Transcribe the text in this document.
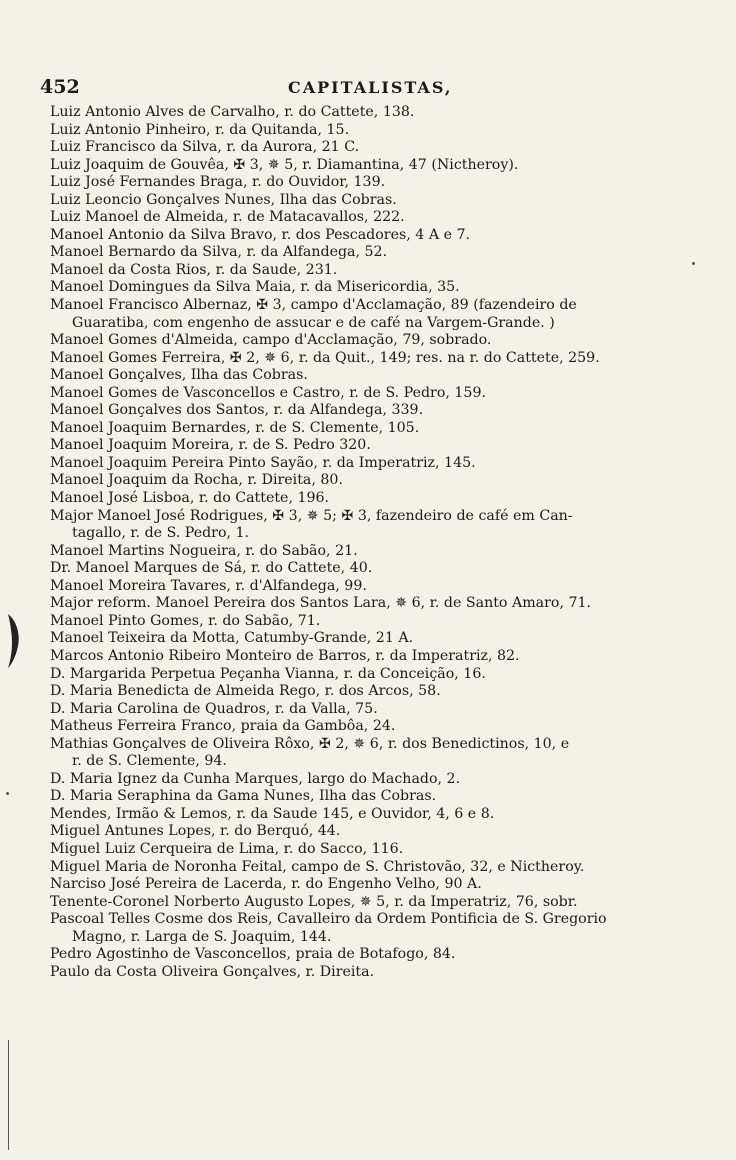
452	CAPITALISTAS,
Luiz Antonio Alves de Carvalho, r. do Cattete, 138.
Luiz Antonio Pinheiro, r. da Quitanda, 15.
Luiz Francisco da Silva, r. da Aurora, 21 C.
Luiz Joaquim de Gouvêa, ✠ 3, ✵ 5, r. Diamantina, 47 (Nictheroy).
Luiz José Fernandes Braga, r. do Ouvidor, 139.
Luiz Leoncio Gonçalves Nunes, Ilha das Cobras.
Luiz Manoel de Almeida, r. de Matacavallos, 222.
Manoel Antonio da Silva Bravo, r. dos Pescadores, 4 A e 7.
Manoel Bernardo da Silva, r. da Alfandega, 52.
Manoel da Costa Rios, r. da Saude, 231.
Manoel Domingues da Silva Maia, r. da Misericordia, 35.
Manoel Francisco Albernaz, ✠ 3, campo d'Acclamação, 89 (fazendeiro de
Guaratiba, com engenho de assucar e de café na Vargem-Grande. )
Manoel Gomes d'Almeida, campo d'Acclamação, 79, sobrado.
Manoel Gomes Ferreira, ✠ 2, ✵ 6, r. da Quit., 149; res. na r. do Cattete, 259.
Manoel Gonçalves, Ilha das Cobras.
Manoel Gomes de Vasconcellos e Castro, r. de S. Pedro, 159.
Manoel Gonçalves dos Santos, r. da Alfandega, 339.
Manoel Joaquim Bernardes, r. de S. Clemente, 105.
Manoel Joaquim Moreira, r. de S. Pedro 320.
Manoel Joaquim Pereira Pinto Sayão, r. da Imperatriz, 145.
Manoel Joaquim da Rocha, r. Direita, 80.
Manoel José Lisboa, r. do Cattete, 196.
Major Manoel José Rodrigues, ✠ 3, ✵ 5; ✠ 3, fazendeiro de café em Can-
tagallo, r. de S. Pedro, 1.
Manoel Martins Nogueira, r. do Sabão, 21.
Dr. Manoel Marques de Sá, r. do Cattete, 40.
Manoel Moreira Tavares, r. d'Alfandega, 99.
Major reform. Manoel Pereira dos Santos Lara, ✵ 6, r. de Santo Amaro, 71.
Manoel Pinto Gomes, r. do Sabão, 71.
Manoel Teixeira da Motta, Catumby-Grande, 21 A.
Marcos Antonio Ribeiro Monteiro de Barros, r. da Imperatriz, 82.
D. Margarida Perpetua Peçanha Vianna, r. da Conceição, 16.
D. Maria Benedicta de Almeida Rego, r. dos Arcos, 58.
D. Maria Carolina de Quadros, r. da Valla, 75.
Matheus Ferreira Franco, praia da Gambôa, 24.
Mathias Gonçalves de Oliveira Rôxo, ✠ 2, ✵ 6, r. dos Benedictinos, 10, e
r. de S. Clemente, 94.
D. Maria Ignez da Cunha Marques, largo do Machado, 2.
D. Maria Seraphina da Gama Nunes, Ilha das Cobras.
Mendes, Irmão & Lemos, r. da Saude 145, e Ouvidor, 4, 6 e 8.
Miguel Antunes Lopes, r. do Berquó, 44.
Miguel Luiz Cerqueira de Lima, r. do Sacco, 116.
Miguel Maria de Noronha Feital, campo de S. Christovão, 32, e Nictheroy.
Narciso José Pereira de Lacerda, r. do Engenho Velho, 90 A.
Tenente-Coronel Norberto Augusto Lopes, ✵ 5, r. da Imperatriz, 76, sobr.
Pascoal Telles Cosme dos Reis, Cavalleiro da Ordem Pontificia de S. Gregorio
Magno, r. Larga de S. Joaquim, 144.
Pedro Agostinho de Vasconcellos, praia de Botafogo, 84.
Paulo da Costa Oliveira Gonçalves, r. Direita.
